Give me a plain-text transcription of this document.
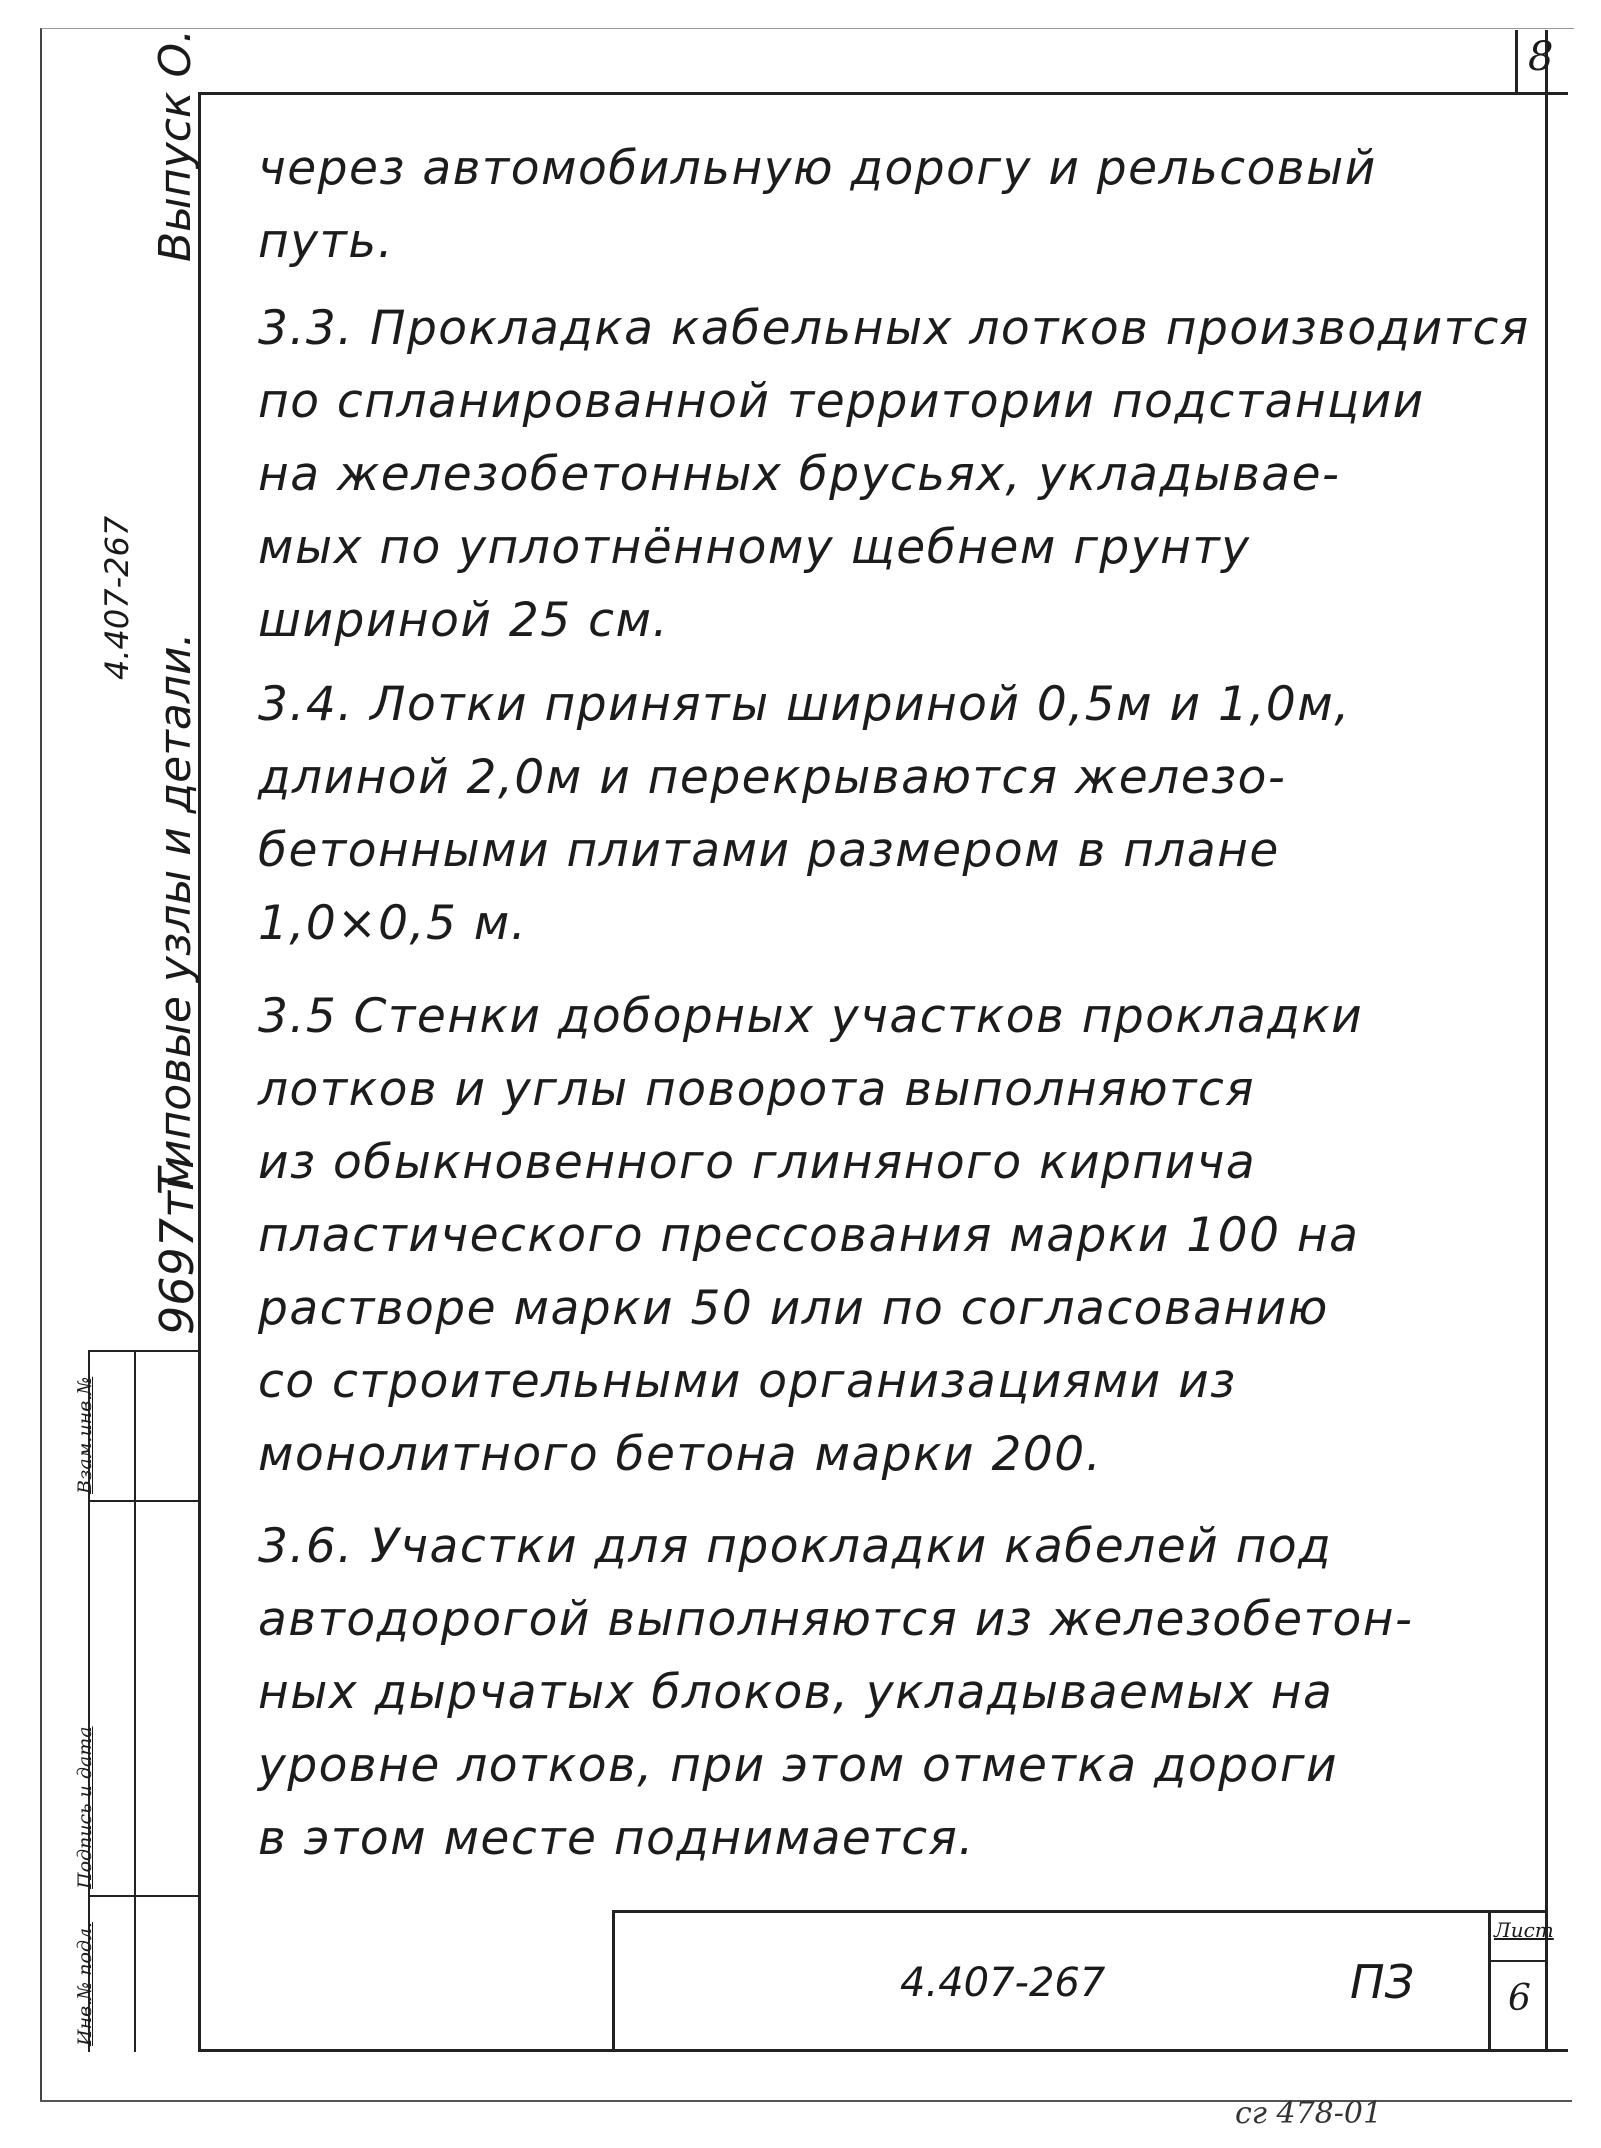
8
Выпуск О.
4.407-267
Типовые узлы и детали.
9697тм
Взам.инв.№
Подпись и дата
Инв.№ подл.
через автомобильную дорогу и рельсовый
путь.
3.3. Прокладка кабельных лотков производится
по спланированной территории подстанции
на железобетонных брусьях, укладывае-
мых по уплотнённому щебнем грунту
шириной 25 см.
3.4. Лотки приняты шириной 0,5м и 1,0м,
длиной 2,0м и перекрываются железо-
бетонными плитами размером в плане
1,0×0,5 м.
3.5 Стенки доборных участков прокладки
лотков и углы поворота выполняются
из обыкновенного глиняного кирпича
пластического прессования марки 100 на
растворе марки 50 или по согласованию
со строительными организациями из
монолитного бетона марки 200.
3.6. Участки для прокладки кабелей под
автодорогой выполняются из железобетон-
ных дырчатых блоков, укладываемых на
уровне лотков, при этом отметка дороги
в этом месте поднимается.
4.407-267	ПЗ
Лист
6
сг 478-01
